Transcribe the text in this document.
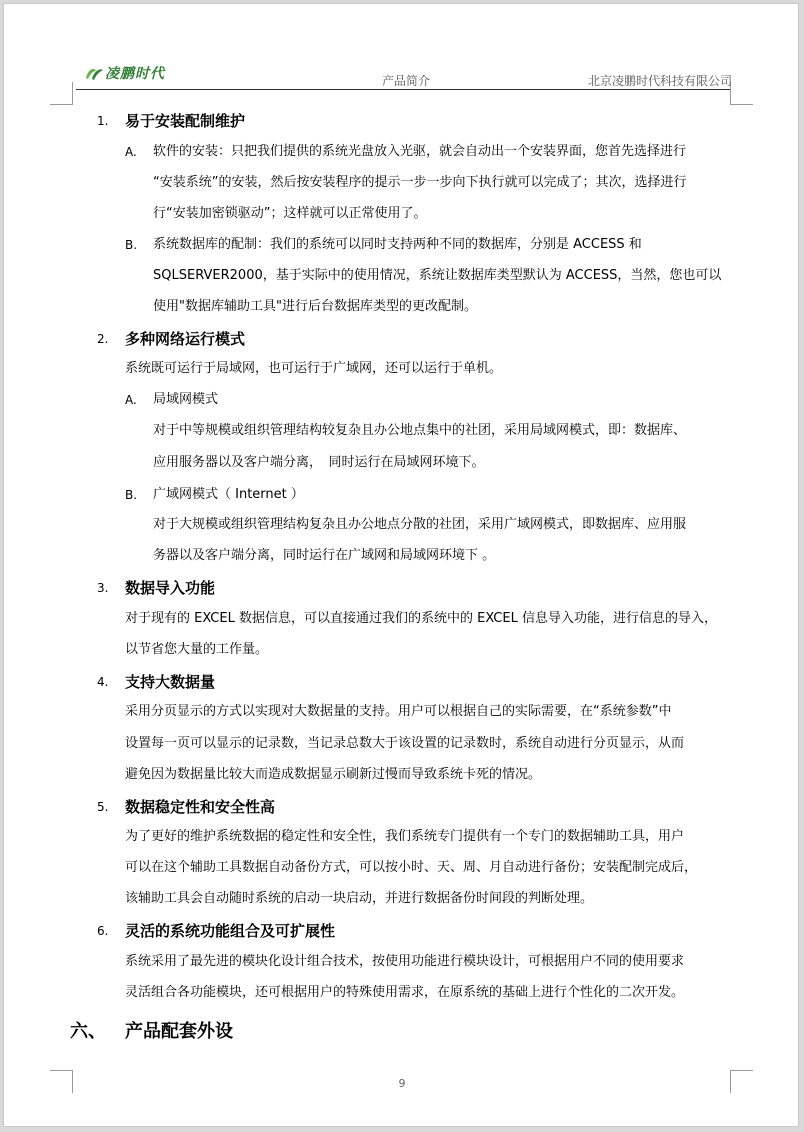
凌鹏时代	产品简介	北京凌鹏时代科技有限公司
1. 易于安装配制维护
A. 软件的安装：只把我们提供的系统光盘放入光驱，就会自动出一个安装界面，您首先选择进行
“安装系统”的安装，然后按安装程序的提示一步一步向下执行就可以完成了；其次，选择进行
行“安装加密锁驱动”；这样就可以正常使用了。
B. 系统数据库的配制：我们的系统可以同时支持两种不同的数据库，分别是 ACCESS 和
SQLSERVER2000，基于实际中的使用情况，系统让数据库类型默认为 ACCESS，当然，您也可以
使用"数据库辅助工具"进行后台数据库类型的更改配制。
2. 多种网络运行模式
系统既可运行于局域网，也可运行于广域网，还可以运行于单机。
A. 局域网模式
对于中等规模或组织管理结构较复杂且办公地点集中的社团，采用局域网模式，即：数据库、
应用服务器以及客户端分离，　同时运行在局域网环境下。
B. 广域网模式（ Internet ）
对于大规模或组织管理结构复杂且办公地点分散的社团，采用广域网模式，即数据库、应用服
务器以及客户端分离，同时运行在广域网和局域网环境下 。
3. 数据导入功能
对于现有的 EXCEL 数据信息，可以直接通过我们的系统中的 EXCEL 信息导入功能，进行信息的导入，
以节省您大量的工作量。
4. 支持大数据量
采用分页显示的方式以实现对大数据量的支持。用户可以根据自己的实际需要，在“系统参数”中
设置每一页可以显示的记录数，当记录总数大于该设置的记录数时，系统自动进行分页显示，从而
避免因为数据量比较大而造成数据显示刷新过慢而导致系统卡死的情况。
5. 数据稳定性和安全性高
为了更好的维护系统数据的稳定性和安全性，我们系统专门提供有一个专门的数据辅助工具，用户
可以在这个辅助工具数据自动备份方式，可以按小时、天、周、月自动进行备份；安装配制完成后，
该辅助工具会自动随时系统的启动一块启动，并进行数据备份时间段的判断处理。
6. 灵活的系统功能组合及可扩展性
系统采用了最先进的模块化设计组合技术，按使用功能进行模块设计，可根据用户不同的使用要求
灵活组合各功能模块，还可根据用户的特殊使用需求，在原系统的基础上进行个性化的二次开发。
六、 产品配套外设
9
